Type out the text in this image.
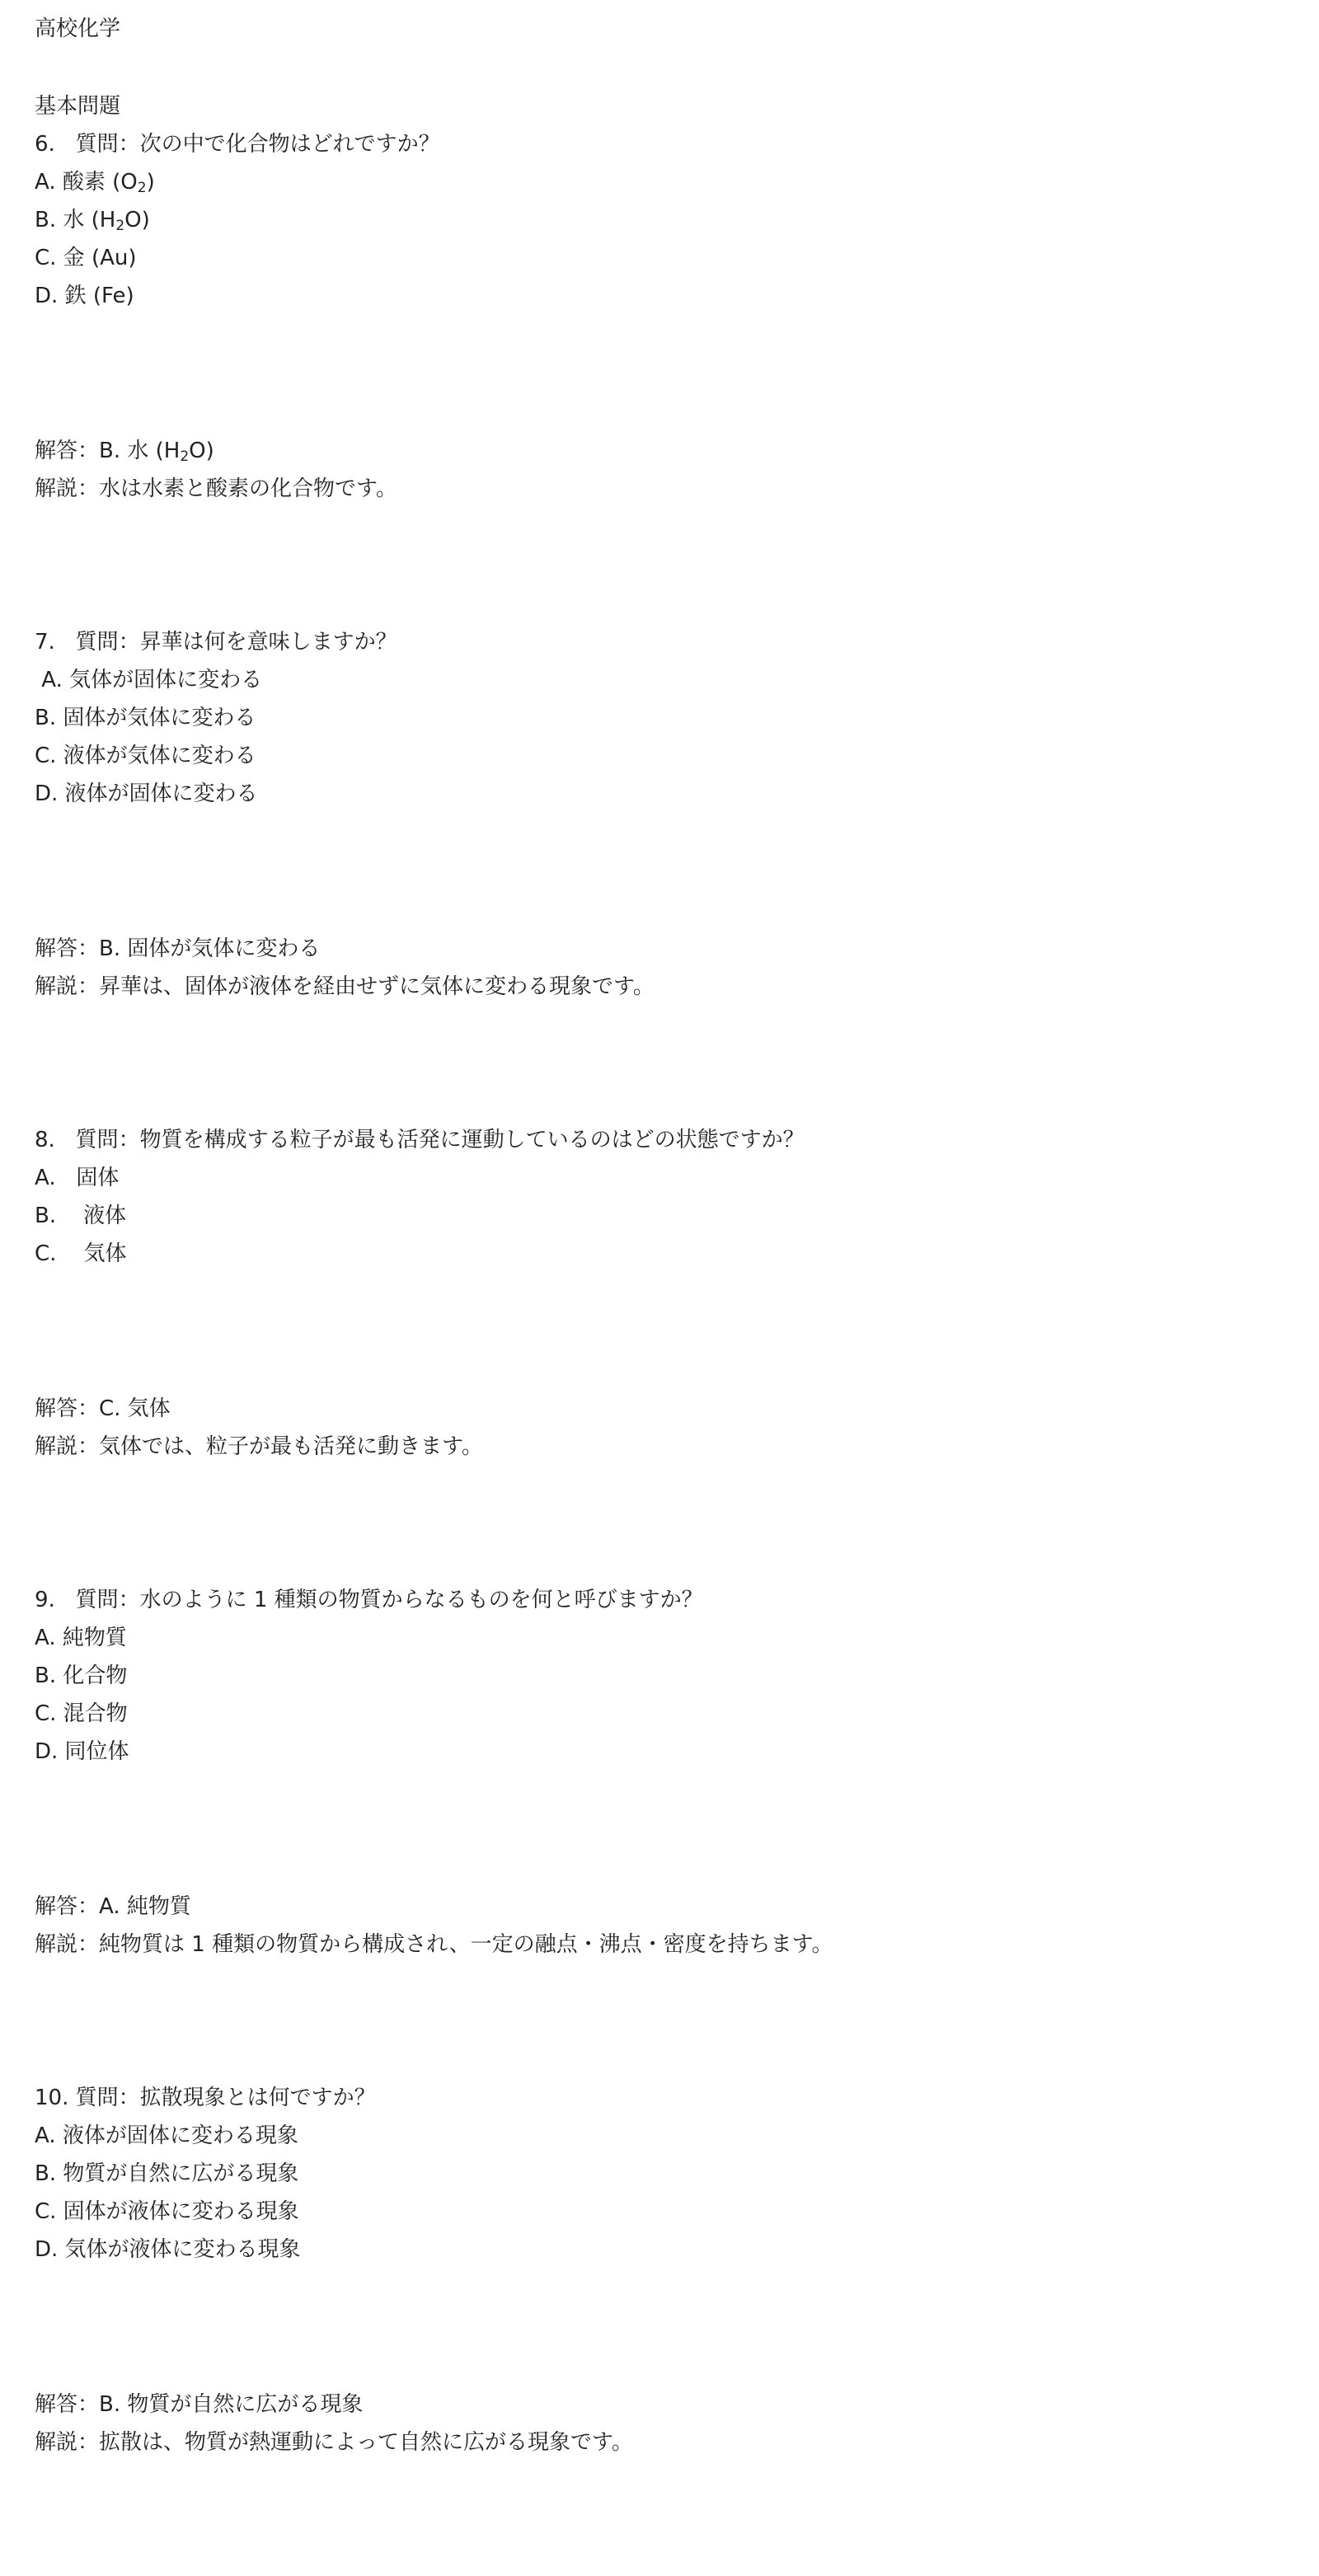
高校化学
基本問題
6.   質問：次の中で化合物はどれですか？
A. 酸素 $(O_2)$
B. 水 $(H_2O)$
C. 金 (Au)
D. 鉄 (Fe)
解答：B. 水 $(H_2O)$
解説：水は水素と酸素の化合物です。
7.   質問：昇華は何を意味しますか？
A. 気体が固体に変わる
B. 固体が気体に変わる
C. 液体が気体に変わる
D. 液体が固体に変わる
解答：B. 固体が気体に変わる
解説：昇華は、固体が液体を経由せずに気体に変わる現象です。
8.   質問：物質を構成する粒子が最も活発に運動しているのはどの状態ですか？
A.   固体
B.    液体
C.    気体
解答：C. 気体
解説：気体では、粒子が最も活発に動きます。
9.   質問：水のように 1 種類の物質からなるものを何と呼びますか？
A. 純物質
B. 化合物
C. 混合物
D. 同位体
解答：A. 純物質
解説：純物質は 1 種類の物質から構成され、一定の融点・沸点・密度を持ちます。
10. 質問：拡散現象とは何ですか？
A. 液体が固体に変わる現象
B. 物質が自然に広がる現象
C. 固体が液体に変わる現象
D. 気体が液体に変わる現象
解答：B. 物質が自然に広がる現象
解説：拡散は、物質が熱運動によって自然に広がる現象です。
